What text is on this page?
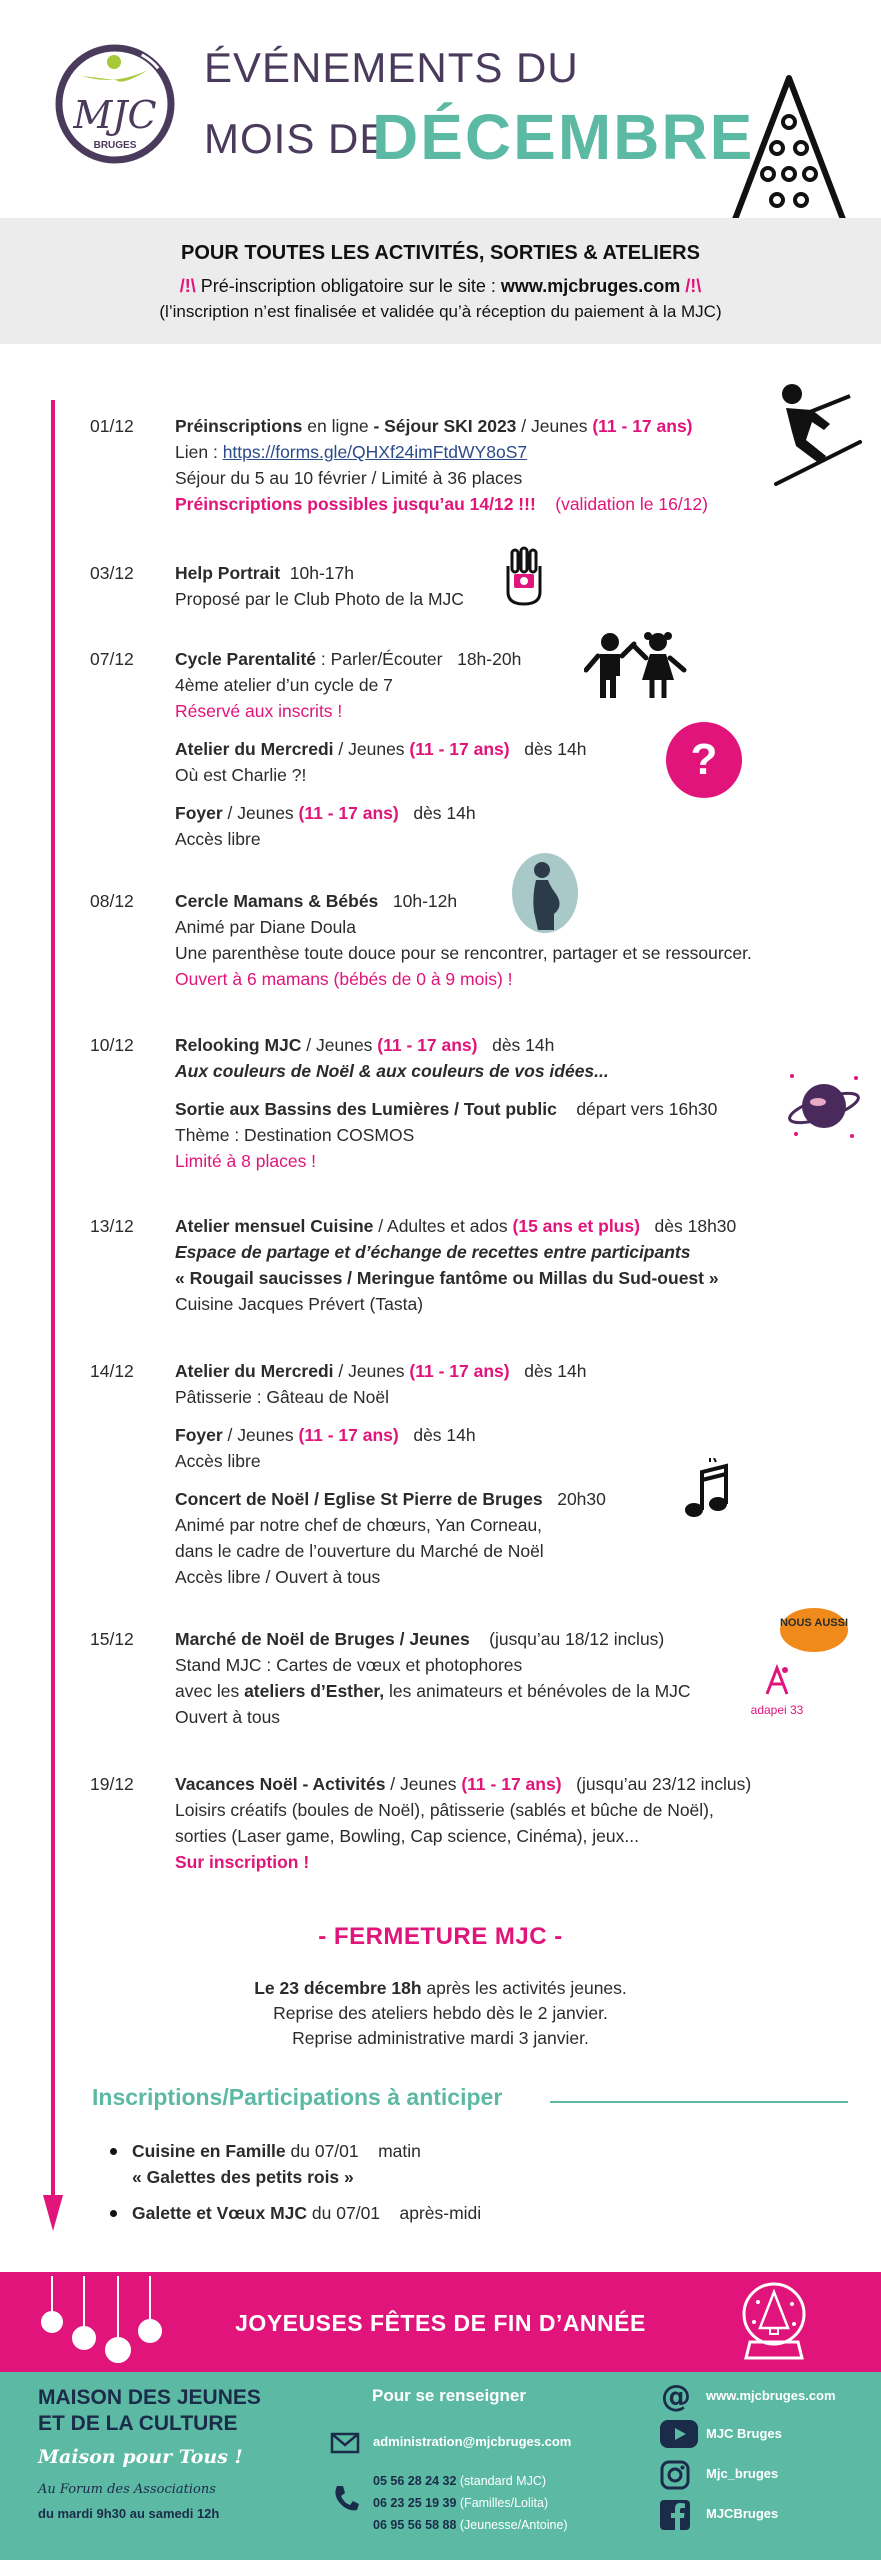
MJC
BRUGES
ÉVÉNEMENTS DU
MOIS DE
DÉCEMBRE
POUR TOUTES LES ACTIVITÉS, SORTIES & ATELIERS
/!\ Pré-inscription obligatoire sur le site : www.mjcbruges.com /!\
(l’inscription n’est finalisée et validée qu’à réception du paiement à la MJC)
01/12 Préinscriptions en ligne - Séjour SKI 2023 / Jeunes (11 - 17 ans)
Lien : https://forms.gle/QHXf24imFtdWY8oS7
Séjour du 5 au 10 février / Limité à 36 places
Préinscriptions possibles jusqu’au 14/12 !!! (validation le 16/12)
03/12 Help Portrait 10h-17h
Proposé par le Club Photo de la MJC
07/12 Cycle Parentalité : Parler/Écouter 18h-20h
4ème atelier d’un cycle de 7
Réservé aux inscrits !
Atelier du Mercredi / Jeunes (11 - 17 ans) dès 14h
Où est Charlie ?!
Foyer / Jeunes (11 - 17 ans) dès 14h
Accès libre
?
08/12 Cercle Mamans & Bébés 10h-12h
Animé par Diane Doula
Une parenthèse toute douce pour se rencontrer, partager et se ressourcer.
Ouvert à 6 mamans (bébés de 0 à 9 mois) !
10/12 Relooking MJC / Jeunes (11 - 17 ans) dès 14h
Aux couleurs de Noël & aux couleurs de vos idées...
Sortie aux Bassins des Lumières / Tout public départ vers 16h30
Thème : Destination COSMOS
Limité à 8 places !
13/12 Atelier mensuel Cuisine / Adultes et ados (15 ans et plus) dès 18h30
Espace de partage et d’échange de recettes entre participants
« Rougail saucisses / Meringue fantôme ou Millas du Sud-ouest »
Cuisine Jacques Prévert (Tasta)
14/12 Atelier du Mercredi / Jeunes (11 - 17 ans) dès 14h
Pâtisserie : Gâteau de Noël
Foyer / Jeunes (11 - 17 ans) dès 14h
Accès libre
Concert de Noël / Eglise St Pierre de Bruges 20h30
Animé par notre chef de chœurs, Yan Corneau,
dans le cadre de l’ouverture du Marché de Noël
Accès libre / Ouvert à tous
15/12 Marché de Noël de Bruges / Jeunes (jusqu’au 18/12 inclus)
Stand MJC : Cartes de vœux et photophores
avec les ateliers d’Esther, les animateurs et bénévoles de la MJC
Ouvert à tous
NOUS AUSSI
adapei 33
19/12 Vacances Noël - Activités / Jeunes (11 - 17 ans) (jusqu’au 23/12 inclus)
Loisirs créatifs (boules de Noël), pâtisserie (sablés et bûche de Noël),
sorties (Laser game, Bowling, Cap science, Cinéma), jeux...
Sur inscription !
- FERMETURE MJC -
Le 23 décembre 18h après les activités jeunes.
Reprise des ateliers hebdo dès le 2 janvier.
Reprise administrative mardi 3 janvier.
Inscriptions/Participations à anticiper
Cuisine en Famille du 07/01 matin
« Galettes des petits rois »
Galette et Vœux MJC du 07/01 après-midi
JOYEUSES FÊTES DE FIN D’ANNÉE
MAISON DES JEUNES
ET DE LA CULTURE
Maison pour Tous !
Au Forum des Associations
du mardi 9h30 au samedi 12h
Pour se renseigner
administration@mjcbruges.com
05 56 28 24 32 (standard MJC)
06 23 25 19 39 (Familles/Lolita)
06 95 56 58 88 (Jeunesse/Antoine)
@ www.mjcbruges.com
MJC Bruges
Mjc_bruges
MJCBruges
